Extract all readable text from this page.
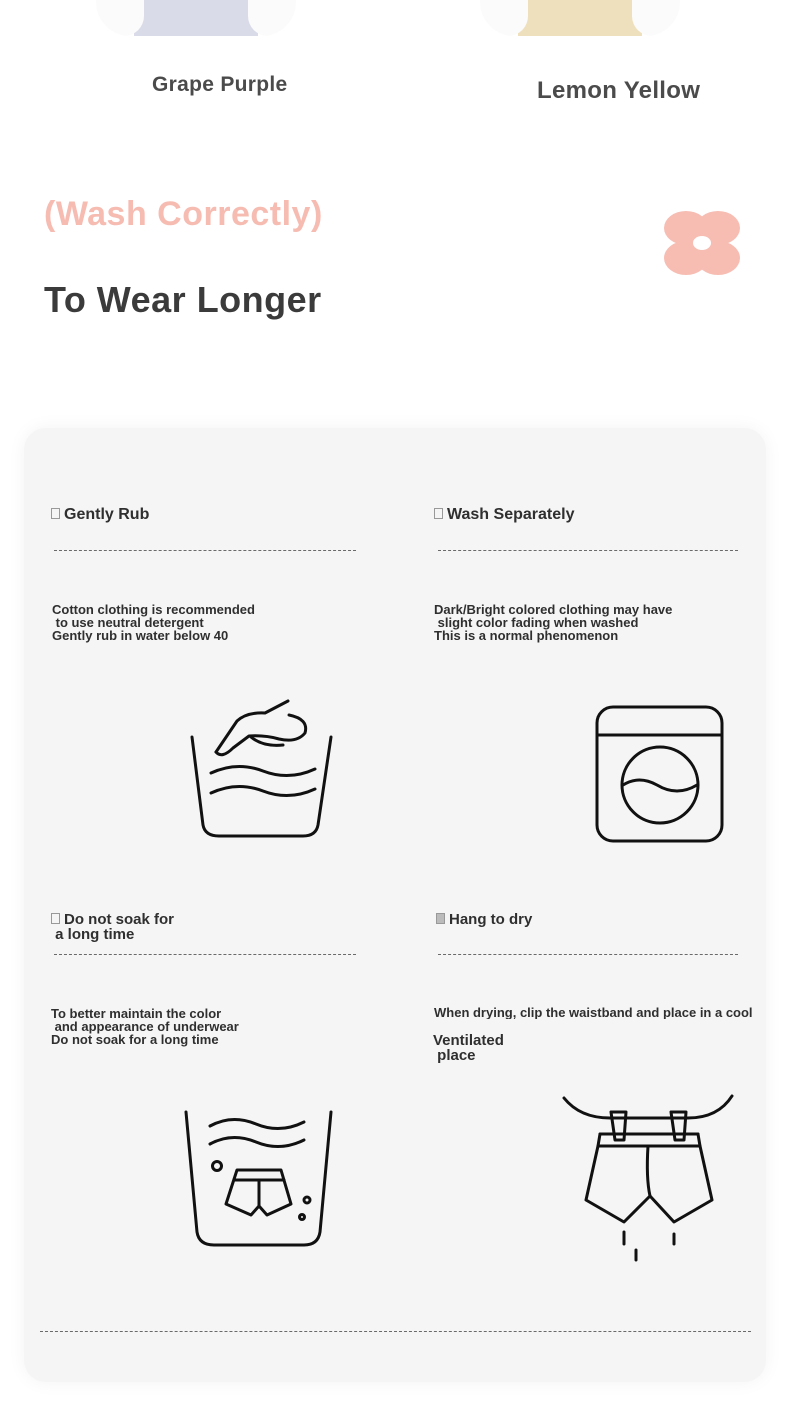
Grape Purple	Lemon Yellow
(Wash Correctly)
To Wear Longer
Gently Rub
Cotton clothing is recommended
to use neutral detergent
Gently rub in water below 40
Wash Separately
Dark/Bright colored clothing may have
slight color fading when washed
This is a normal phenomenon
Do not soak for
a long time
To better maintain the color
and appearance of underwear
Do not soak for a long time
Hang to dry
When drying, clip the waistband and place in a cool
Ventilated
place
